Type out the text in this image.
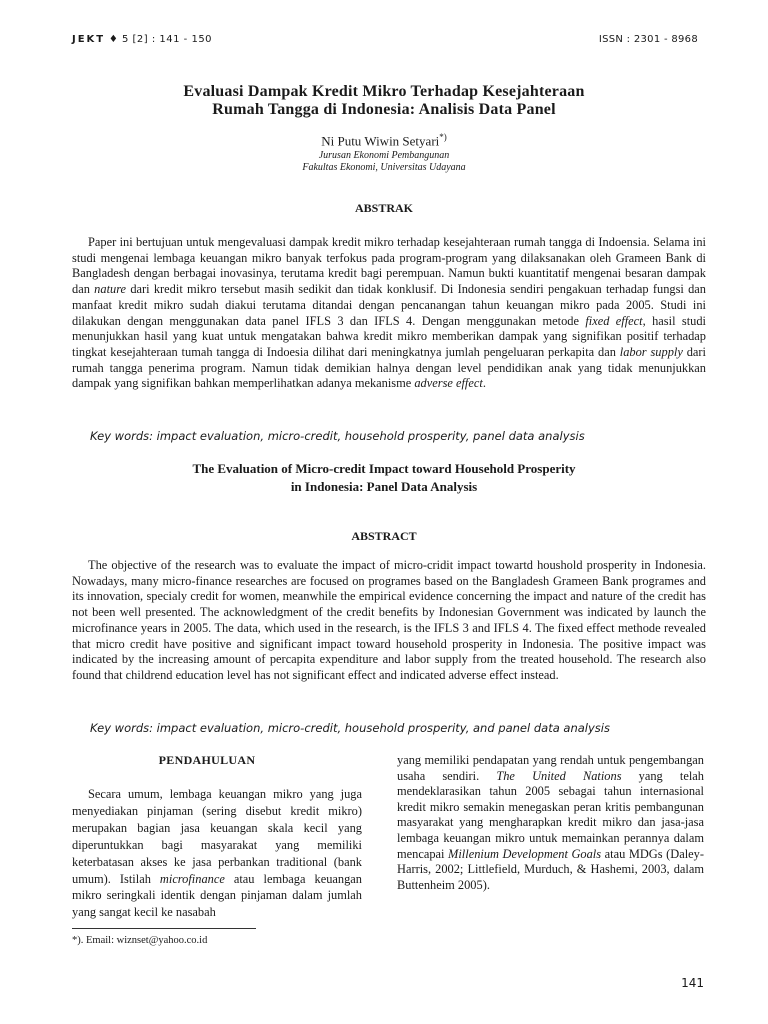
JEKT ♦ 5 [2] : 141 - 150	ISSN : 2301 - 8968
Evaluasi Dampak Kredit Mikro Terhadap Kesejahteraan
Rumah Tangga di Indonesia: Analisis Data Panel
Ni Putu Wiwin Setyari*)
Jurusan Ekonomi Pembangunan
Fakultas Ekonomi, Universitas Udayana
ABSTRAK
Paper ini bertujuan untuk mengevaluasi dampak kredit mikro terhadap kesejahteraan rumah tangga di Indoensia. Selama ini studi mengenai lembaga keuangan mikro banyak terfokus pada program-program yang dilaksanakan oleh Grameen Bank di Bangladesh dengan berbagai inovasinya, terutama kredit bagi perempuan. Namun bukti kuantitatif mengenai besaran dampak dan nature dari kredit mikro tersebut masih sedikit dan tidak konklusif. Di Indonesia sendiri pengakuan terhadap fungsi dan manfaat kredit mikro sudah diakui terutama ditandai dengan pencanangan tahun keuangan mikro pada 2005. Studi ini dilakukan dengan menggunakan data panel IFLS 3 dan IFLS 4. Dengan menggunakan metode fixed effect, hasil studi menunjukkan hasil yang kuat untuk mengatakan bahwa kredit mikro memberikan dampak yang signifikan positif terhadap tingkat kesejahteraan tumah tangga di Indoesia dilihat dari meningkatnya jumlah pengeluaran perkapita dan labor supply dari rumah tangga penerima program. Namun tidak demikian halnya dengan level pendidikan anak yang tidak menunjukkan dampak yang signifikan bahkan memperlihatkan adanya mekanisme adverse effect.
Key words: impact evaluation, micro-credit, household prosperity, panel data analysis
The Evaluation of Micro-credit Impact toward Household Prosperity
in Indonesia: Panel Data Analysis
ABSTRACT
The objective of the research was to evaluate the impact of micro-cridit impact towartd houshold prosperity in Indonesia. Nowadays, many micro-finance researches are focused on programes based on the Bangladesh Grameen Bank programes and its innovation, specialy credit for women, meanwhile the empirical evidence concerning the impact and nature of the credit has not been well presented. The acknowledgment of the credit benefits by Indonesian Government was indicated by launch the microfinance years in 2005. The data, which used in the research, is the IFLS 3 and IFLS 4. The fixed effect methode revealed that micro credit have positive and significant impact toward household prosperity in Indonesia. The positive impact was indicated by the increasing amount of percapita expenditure and labor supply from the treated household. The research also found that childrend education level has not significant effect and indicated adverse effect instead.
Key words: impact evaluation, micro-credit, household prosperity, and panel data analysis
PENDAHULUAN
Secara umum, lembaga keuangan mikro yang juga menyediakan pinjaman (sering disebut kredit mikro) merupakan bagian jasa keuangan skala kecil yang diperuntukkan bagi masyarakat yang memiliki keterbatasan akses ke jasa perbankan traditional (bank umum). Istilah microfinance atau lembaga keuangan mikro seringkali identik dengan pinjaman dalam jumlah yang sangat kecil ke nasabah
yang memiliki pendapatan yang rendah untuk pengembangan usaha sendiri. The United Nations yang telah mendeklarasikan tahun 2005 sebagai tahun internasional kredit mikro semakin menegaskan peran kritis pembangunan masyarakat yang mengharapkan kredit mikro dan jasa-jasa lembaga keuangan mikro untuk memainkan perannya dalam mencapai Millenium Development Goals atau MDGs (Daley-Harris, 2002; Littlefield, Murduch, & Hashemi, 2003, dalam Buttenheim 2005).
*). Email: wiznset@yahoo.co.id
141
